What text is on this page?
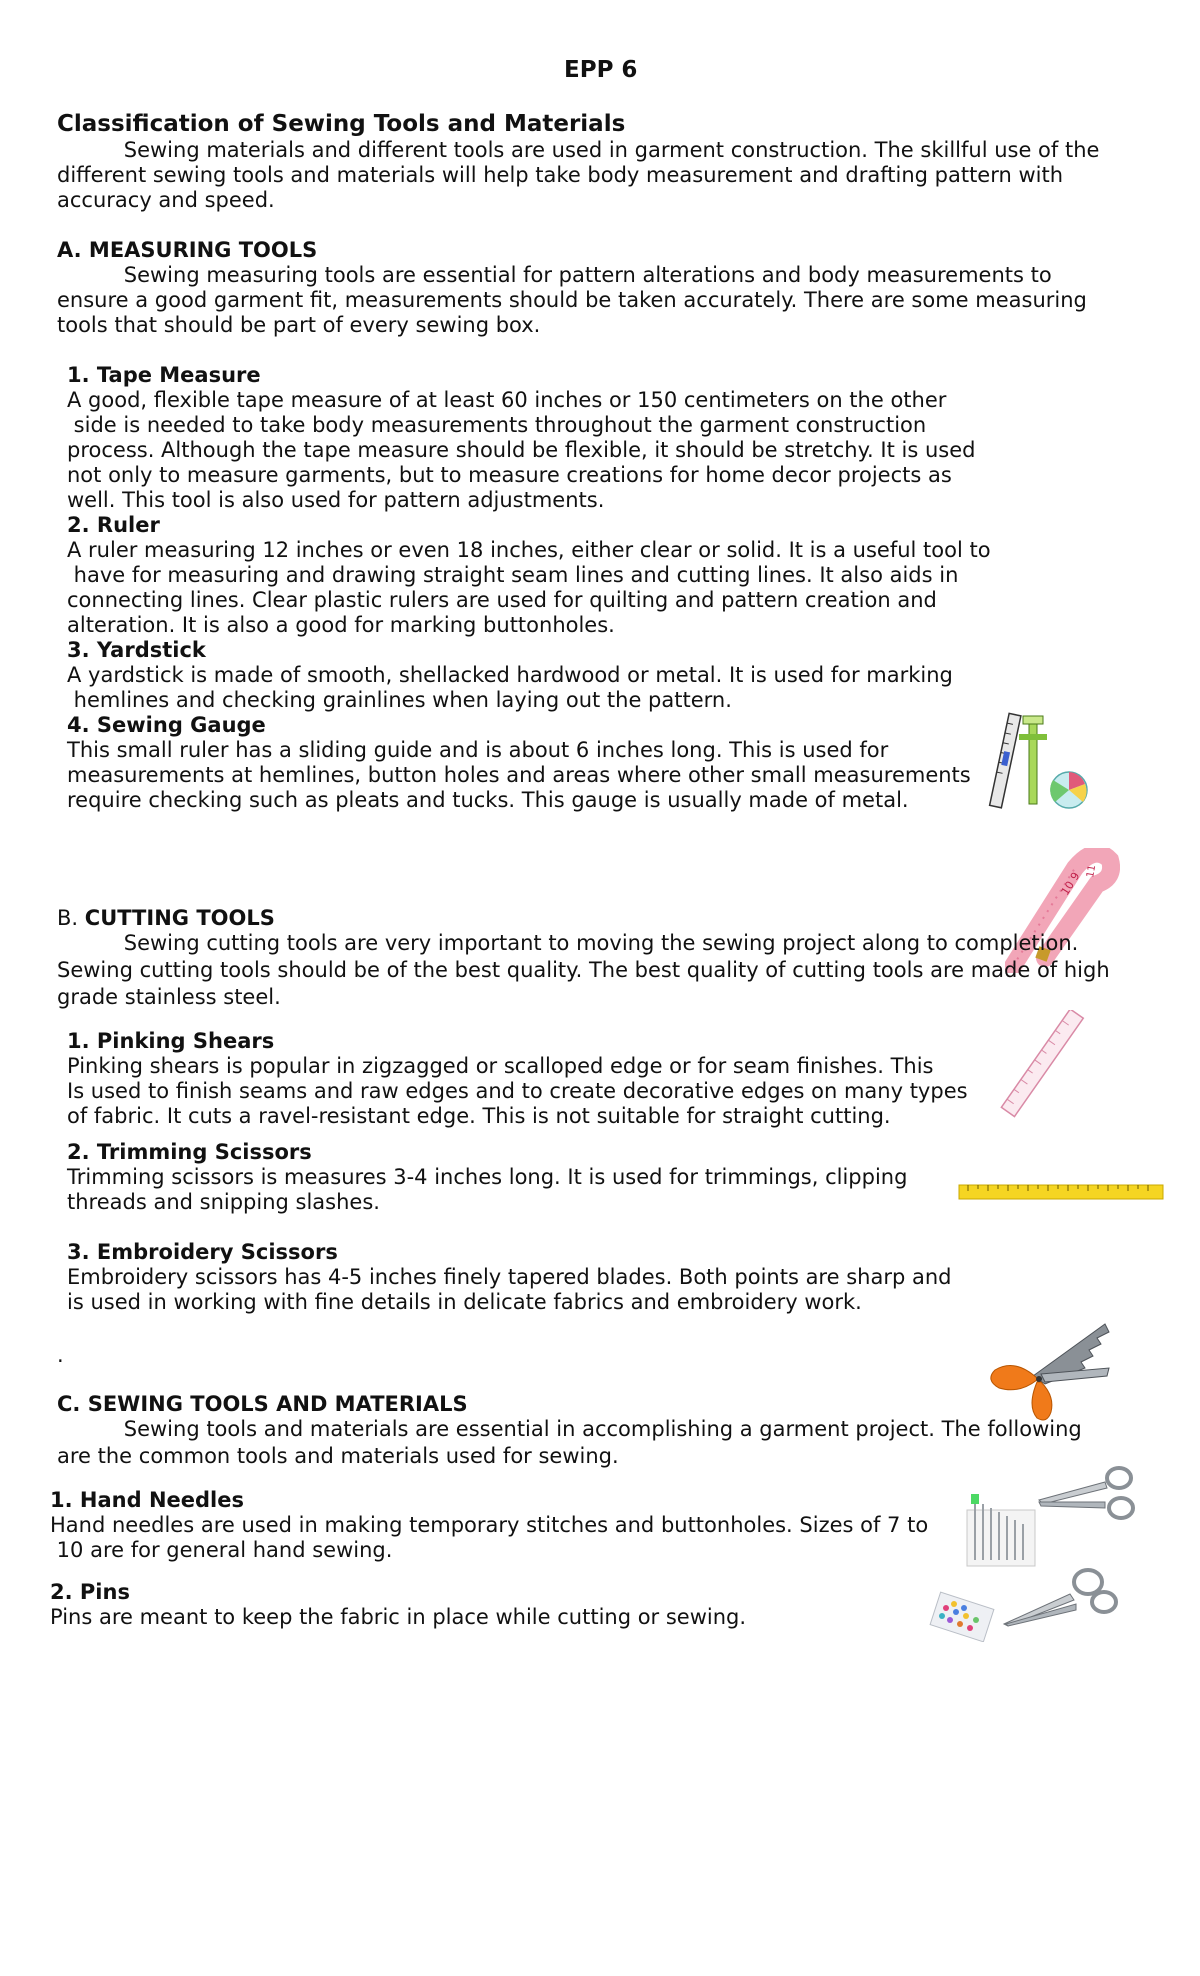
EPP 6
Classification of Sewing Tools and Materials
Sewing materials and different tools are used in garment construction. The skillful use of the
different sewing tools and materials will help take body measurement and drafting pattern with
accuracy and speed.
A. MEASURING TOOLS
Sewing measuring tools are essential for pattern alterations and body measurements to
ensure a good garment fit, measurements should be taken accurately. There are some measuring
tools that should be part of every sewing box.
1. Tape Measure
A good, flexible tape measure of at least 60 inches or 150 centimeters on the other
side is needed to take body measurements throughout the garment construction
process. Although the tape measure should be flexible, it should be stretchy. It is used
not only to measure garments, but to measure creations for home decor projects as
well. This tool is also used for pattern adjustments.
2. Ruler
A ruler measuring 12 inches or even 18 inches, either clear or solid. It is a useful tool to
have for measuring and drawing straight seam lines and cutting lines. It also aids in
connecting lines. Clear plastic rulers are used for quilting and pattern creation and
alteration. It is also a good for marking buttonholes.
3. Yardstick
A yardstick is made of smooth, shellacked hardwood or metal. It is used for marking
hemlines and checking grainlines when laying out the pattern.
4. Sewing Gauge
This small ruler has a sliding guide and is about 6 inches long. This is used for
measurements at hemlines, button holes and areas where other small measurements
require checking such as pleats and tucks. This gauge is usually made of metal.
10 9 11
B. CUTTING TOOLS
Sewing cutting tools are very important to moving the sewing project along to completion.
Sewing cutting tools should be of the best quality. The best quality of cutting tools are made of high
grade stainless steel.
1. Pinking Shears
Pinking shears is popular in zigzagged or scalloped edge or for seam finishes. This
Is used to finish seams and raw edges and to create decorative edges on many types
of fabric. It cuts a ravel-resistant edge. This is not suitable for straight cutting.
2. Trimming Scissors
Trimming scissors is measures 3-4 inches long. It is used for trimmings, clipping
threads and snipping slashes.
3. Embroidery Scissors
Embroidery scissors has 4-5 inches finely tapered blades. Both points are sharp and
is used in working with fine details in delicate fabrics and embroidery work.
.
C. SEWING TOOLS AND MATERIALS
Sewing tools and materials are essential in accomplishing a garment project. The following
are the common tools and materials used for sewing.
1. Hand Needles
Hand needles are used in making temporary stitches and buttonholes. Sizes of 7 to
10 are for general hand sewing.
2. Pins
Pins are meant to keep the fabric in place while cutting or sewing.
